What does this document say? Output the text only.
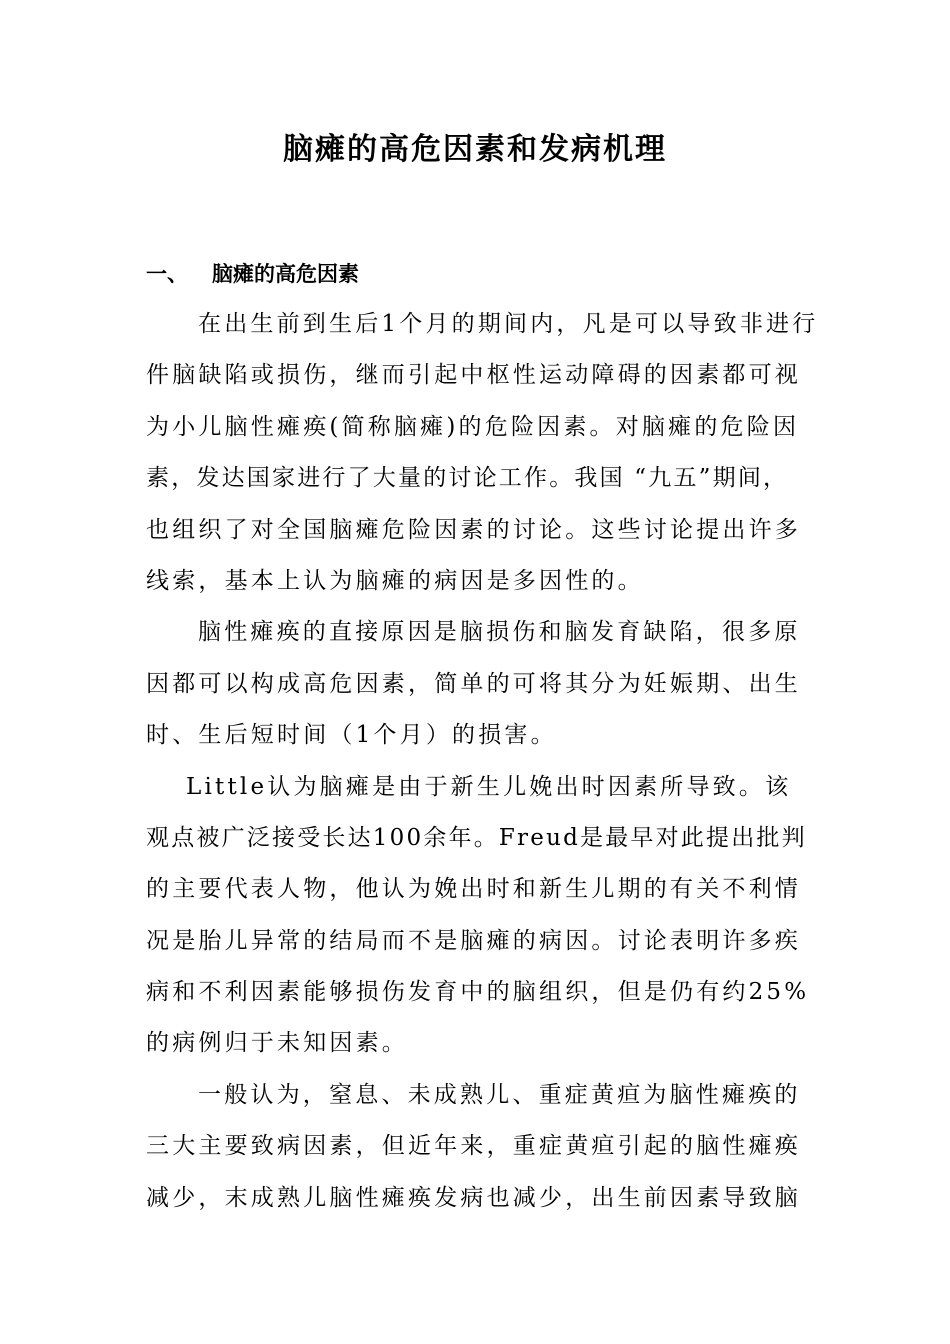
脑瘫的高危因素和发病机理
一、 脑瘫的高危因素
在出生前到生后1个月的期间内，凡是可以导致非进行
件脑缺陷或损伤，继而引起中枢性运动障碍的因素都可视
为小儿脑性瘫痪(简称脑瘫)的危险因素。对脑瘫的危险因
素，发达国家进行了大量的讨论工作。我国 “九五”期间，
也组织了对全国脑瘫危险因素的讨论。这些讨论提出许多
线索，基本上认为脑瘫的病因是多因性的。
脑性瘫痪的直接原因是脑损伤和脑发育缺陷，很多原
因都可以构成高危因素，简单的可将其分为妊娠期、出生
时、生后短时间（1个月）的损害。
Little认为脑瘫是由于新生儿娩出时因素所导致。该
观点被广泛接受长达100余年。Freud是最早对此提出批判
的主要代表人物，他认为娩出时和新生儿期的有关不利情
况是胎儿异常的结局而不是脑瘫的病因。讨论表明许多疾
病和不利因素能够损伤发育中的脑组织，但是仍有约25%
的病例归于未知因素。
一般认为，窒息、未成熟儿、重症黄疸为脑性瘫痪的
三大主要致病因素，但近年来，重症黄疸引起的脑性瘫痪
减少，末成熟儿脑性瘫痪发病也减少，出生前因素导致脑
